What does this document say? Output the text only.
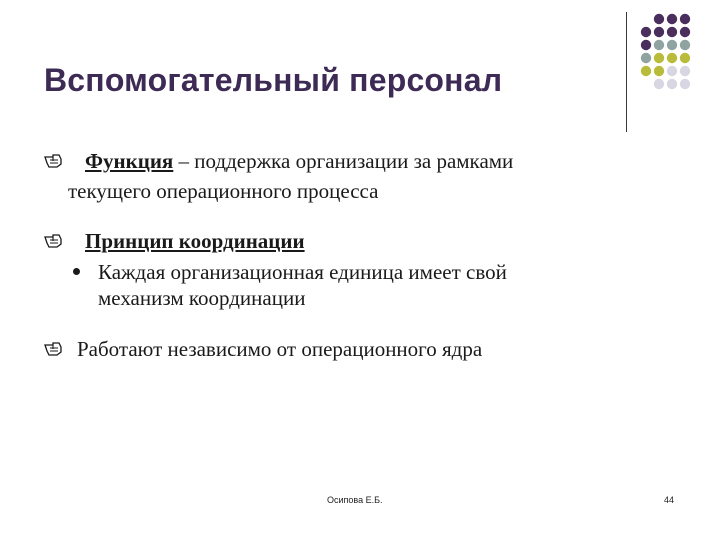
Вспомогательный персонал
Функция – поддержка организации за рамками
текущего операционного процесса
Принцип координации
Каждая организационная единица имеет свой
механизм координации
Работают независимо от операционного ядра
Осипова Е.Б.	44
